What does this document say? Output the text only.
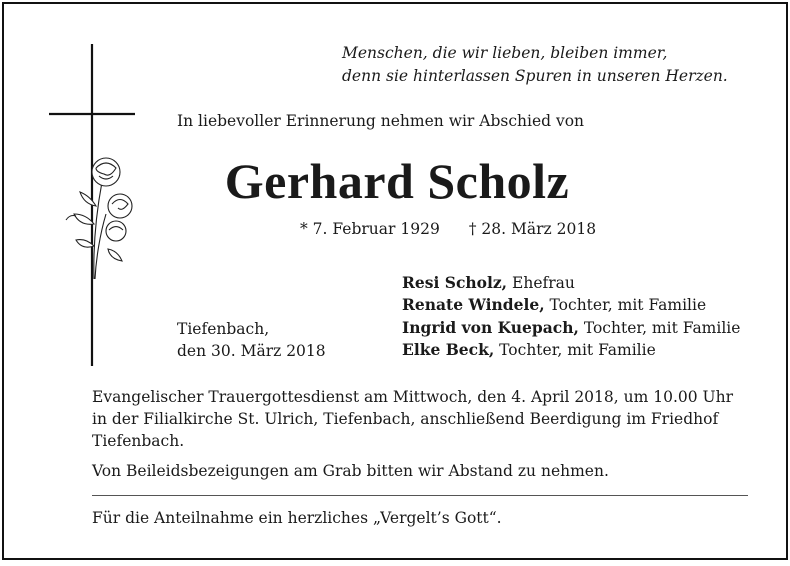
Menschen, die wir lieben, bleiben immer,
denn sie hinterlassen Spuren in unseren Herzen.
In liebevoller Erinnerung nehmen wir Abschied von
Gerhard Scholz
* 7. Februar 1929 † 28. März 2018
Tiefenbach,
den 30. März 2018
Resi Scholz, Ehefrau
Renate Windele, Tochter, mit Familie
Ingrid von Kuepach, Tochter, mit Familie
Elke Beck, Tochter, mit Familie

Evangelischer Trauergottesdienst am Mittwoch, den 4. April 2018, um 10.00 Uhr in der Filialkirche St. Ulrich, Tiefenbach, anschließend Beerdigung im Friedhof Tiefenbach.

Von Beileidsbezeigungen am Grab bitten wir Abstand zu nehmen.

Für die Anteilnahme ein herzliches „Vergelt’s Gott“.
